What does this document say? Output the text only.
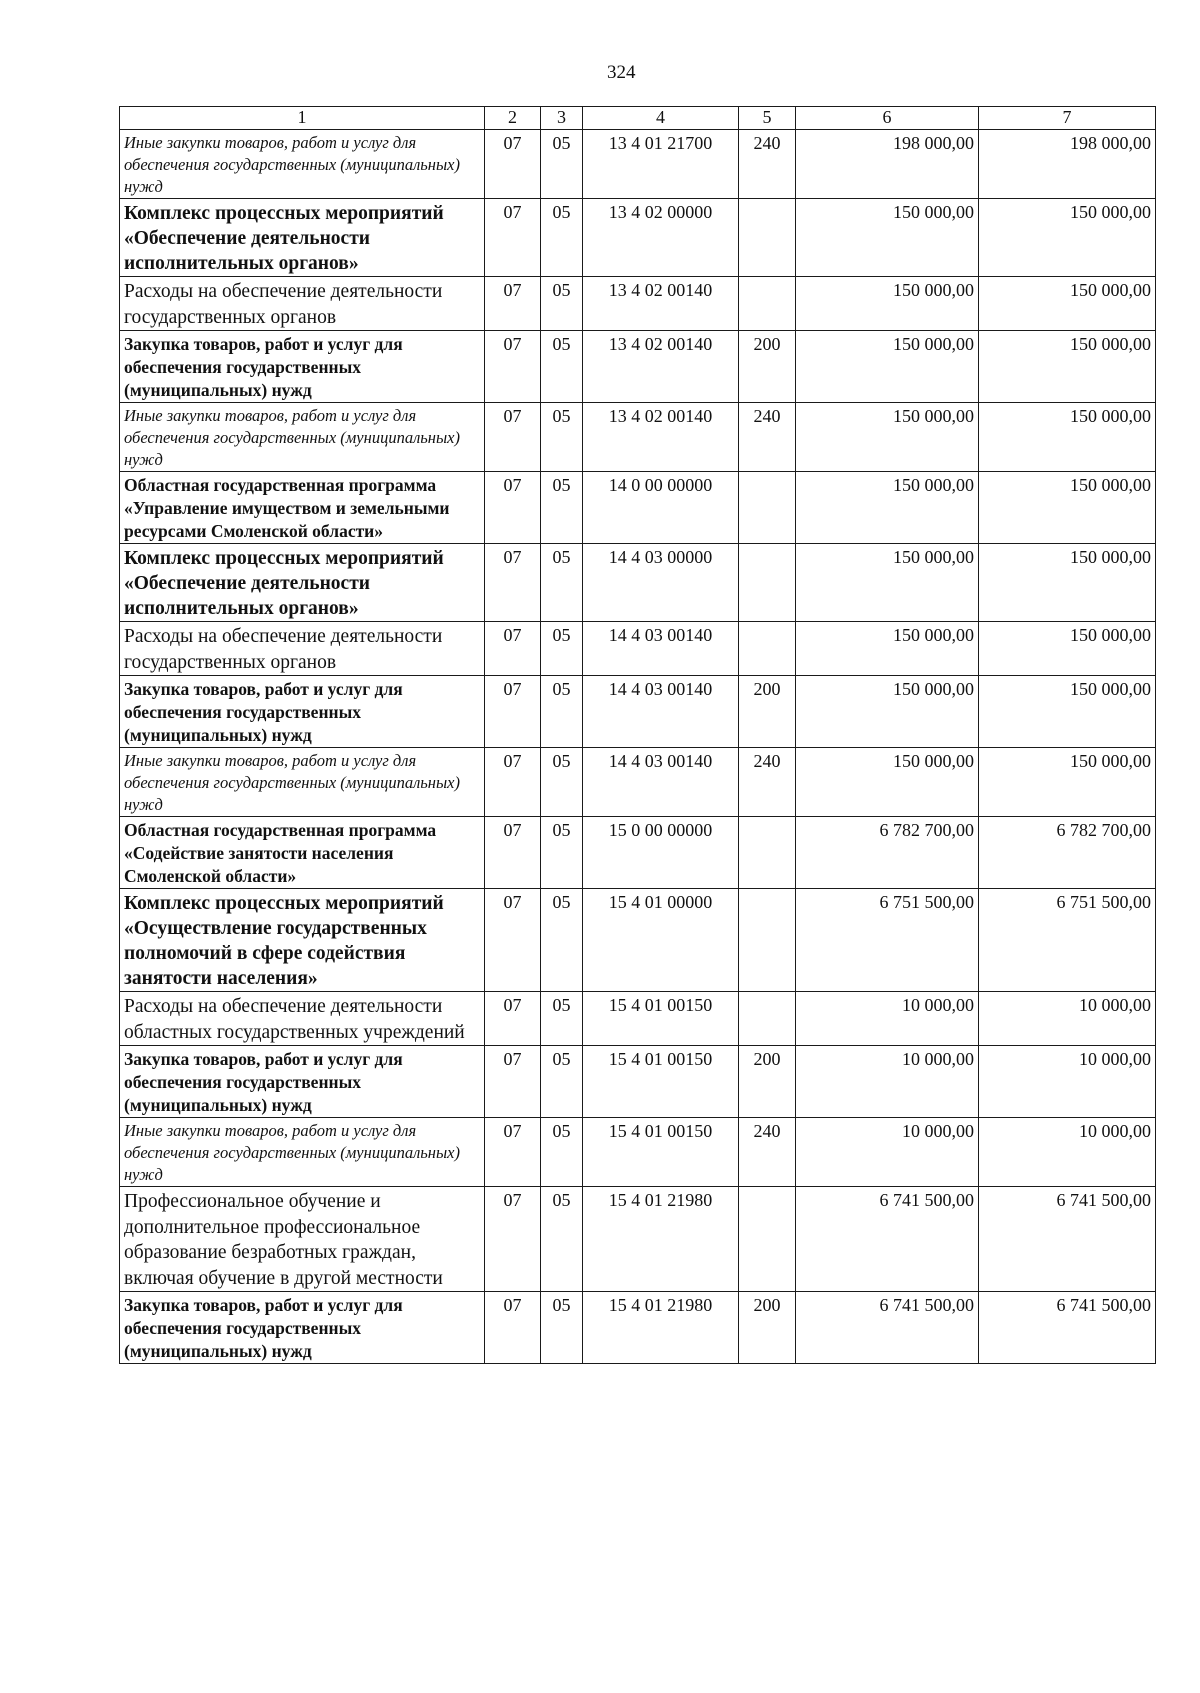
324
1	2	3	4	5	6	7
Иные закупки товаров, работ и услуг для обеспечения государственных (муниципальных) нужд	07	05	13 4 01 21700	240	198 000,00	198 000,00
Комплекс процессных мероприятий «Обеспечение деятельности исполнительных органов»	07	05	13 4 02 00000		150 000,00	150 000,00
Расходы на обеспечение деятельности государственных органов	07	05	13 4 02 00140		150 000,00	150 000,00
Закупка товаров, работ и услуг для обеспечения государственных (муниципальных) нужд	07	05	13 4 02 00140	200	150 000,00	150 000,00
Иные закупки товаров, работ и услуг для обеспечения государственных (муниципальных) нужд	07	05	13 4 02 00140	240	150 000,00	150 000,00
Областная государственная программа «Управление имуществом и земельными ресурсами Смоленской области»	07	05	14 0 00 00000		150 000,00	150 000,00
Комплекс процессных мероприятий «Обеспечение деятельности исполнительных органов»	07	05	14 4 03 00000		150 000,00	150 000,00
Расходы на обеспечение деятельности государственных органов	07	05	14 4 03 00140		150 000,00	150 000,00
Закупка товаров, работ и услуг для обеспечения государственных (муниципальных) нужд	07	05	14 4 03 00140	200	150 000,00	150 000,00
Иные закупки товаров, работ и услуг для обеспечения государственных (муниципальных) нужд	07	05	14 4 03 00140	240	150 000,00	150 000,00
Областная государственная программа «Содействие занятости населения Смоленской области»	07	05	15 0 00 00000		6 782 700,00	6 782 700,00
Комплекс процессных мероприятий «Осуществление государственных полномочий в сфере содействия занятости населения»	07	05	15 4 01 00000		6 751 500,00	6 751 500,00
Расходы на обеспечение деятельности областных государственных учреждений	07	05	15 4 01 00150		10 000,00	10 000,00
Закупка товаров, работ и услуг для обеспечения государственных (муниципальных) нужд	07	05	15 4 01 00150	200	10 000,00	10 000,00
Иные закупки товаров, работ и услуг для обеспечения государственных (муниципальных) нужд	07	05	15 4 01 00150	240	10 000,00	10 000,00
Профессиональное обучение и дополнительное профессиональное образование безработных граждан, включая обучение в другой местности	07	05	15 4 01 21980		6 741 500,00	6 741 500,00
Закупка товаров, работ и услуг для обеспечения государственных (муниципальных) нужд	07	05	15 4 01 21980	200	6 741 500,00	6 741 500,00
